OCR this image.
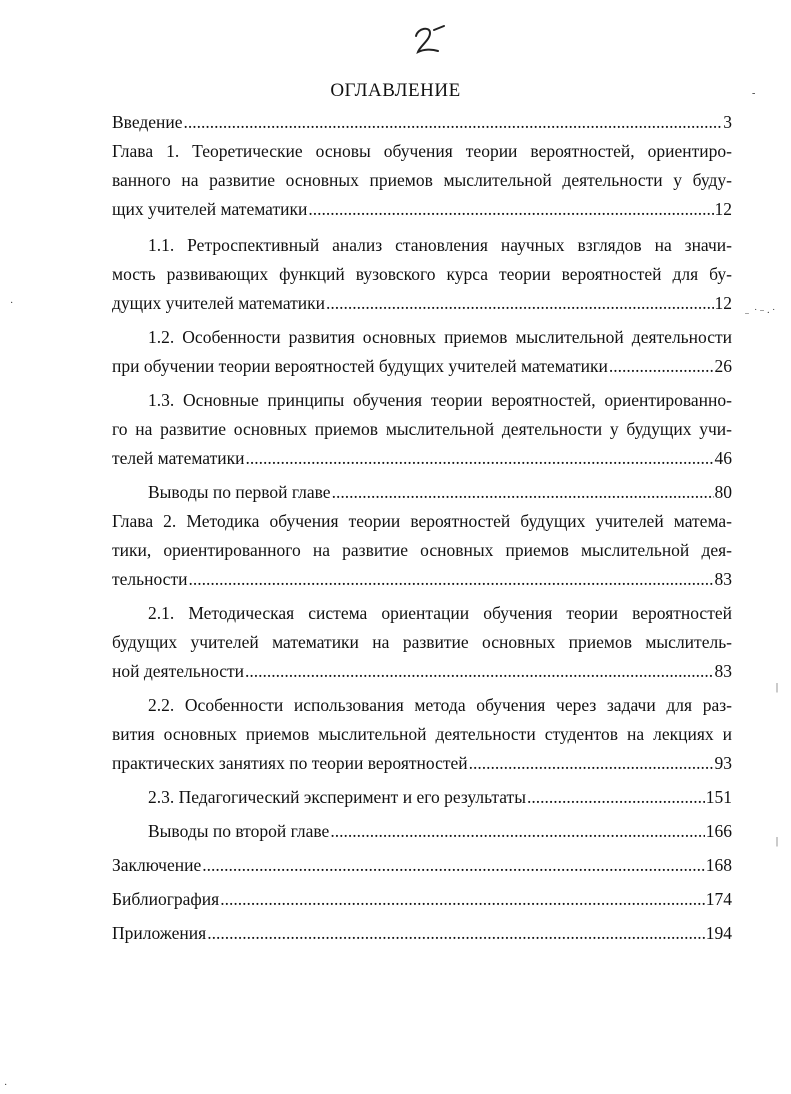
ОГЛАВЛЕНИЕ
Введение .....	3
Глава 1. Теоретические основы обучения теории вероятностей, ориентиро-
ванного на развитие основных приемов мыслительной деятельности у буду-
щих учителей математики .....	12
1.1. Ретроспективный анализ становления научных взглядов на значи-
мость развивающих функций вузовского курса теории вероятностей для бу-
дущих учителей математики .....	12
1.2. Особенности развития основных приемов мыслительной деятельности
при обучении теории вероятностей будущих учителей математики .....	26
1.3. Основные принципы обучения теории вероятностей, ориентированно-
го на развитие основных приемов мыслительной деятельности у будущих учи-
телей математики .....	46
Выводы по первой главе .....	80
Глава 2. Методика обучения теории вероятностей будущих учителей матема-
тики, ориентированного на развитие основных приемов мыслительной дея-
тельности .....	83
2.1. Методическая система ориентации обучения теории вероятностей
будущих учителей математики на развитие основных приемов мыслитель-
ной деятельности .....	83
2.2. Особенности использования метода обучения через задачи для раз-
вития основных приемов мыслительной деятельности студентов на лекциях и
практических занятиях по теории вероятностей .....	93
2.3. Педагогический эксперимент и его результаты .....	151
Выводы по второй главе .....	166
Заключение .....	168
Библиография .....	174
Приложения .....	194
·
﹣˙⁻·˙
|
|
-
·
